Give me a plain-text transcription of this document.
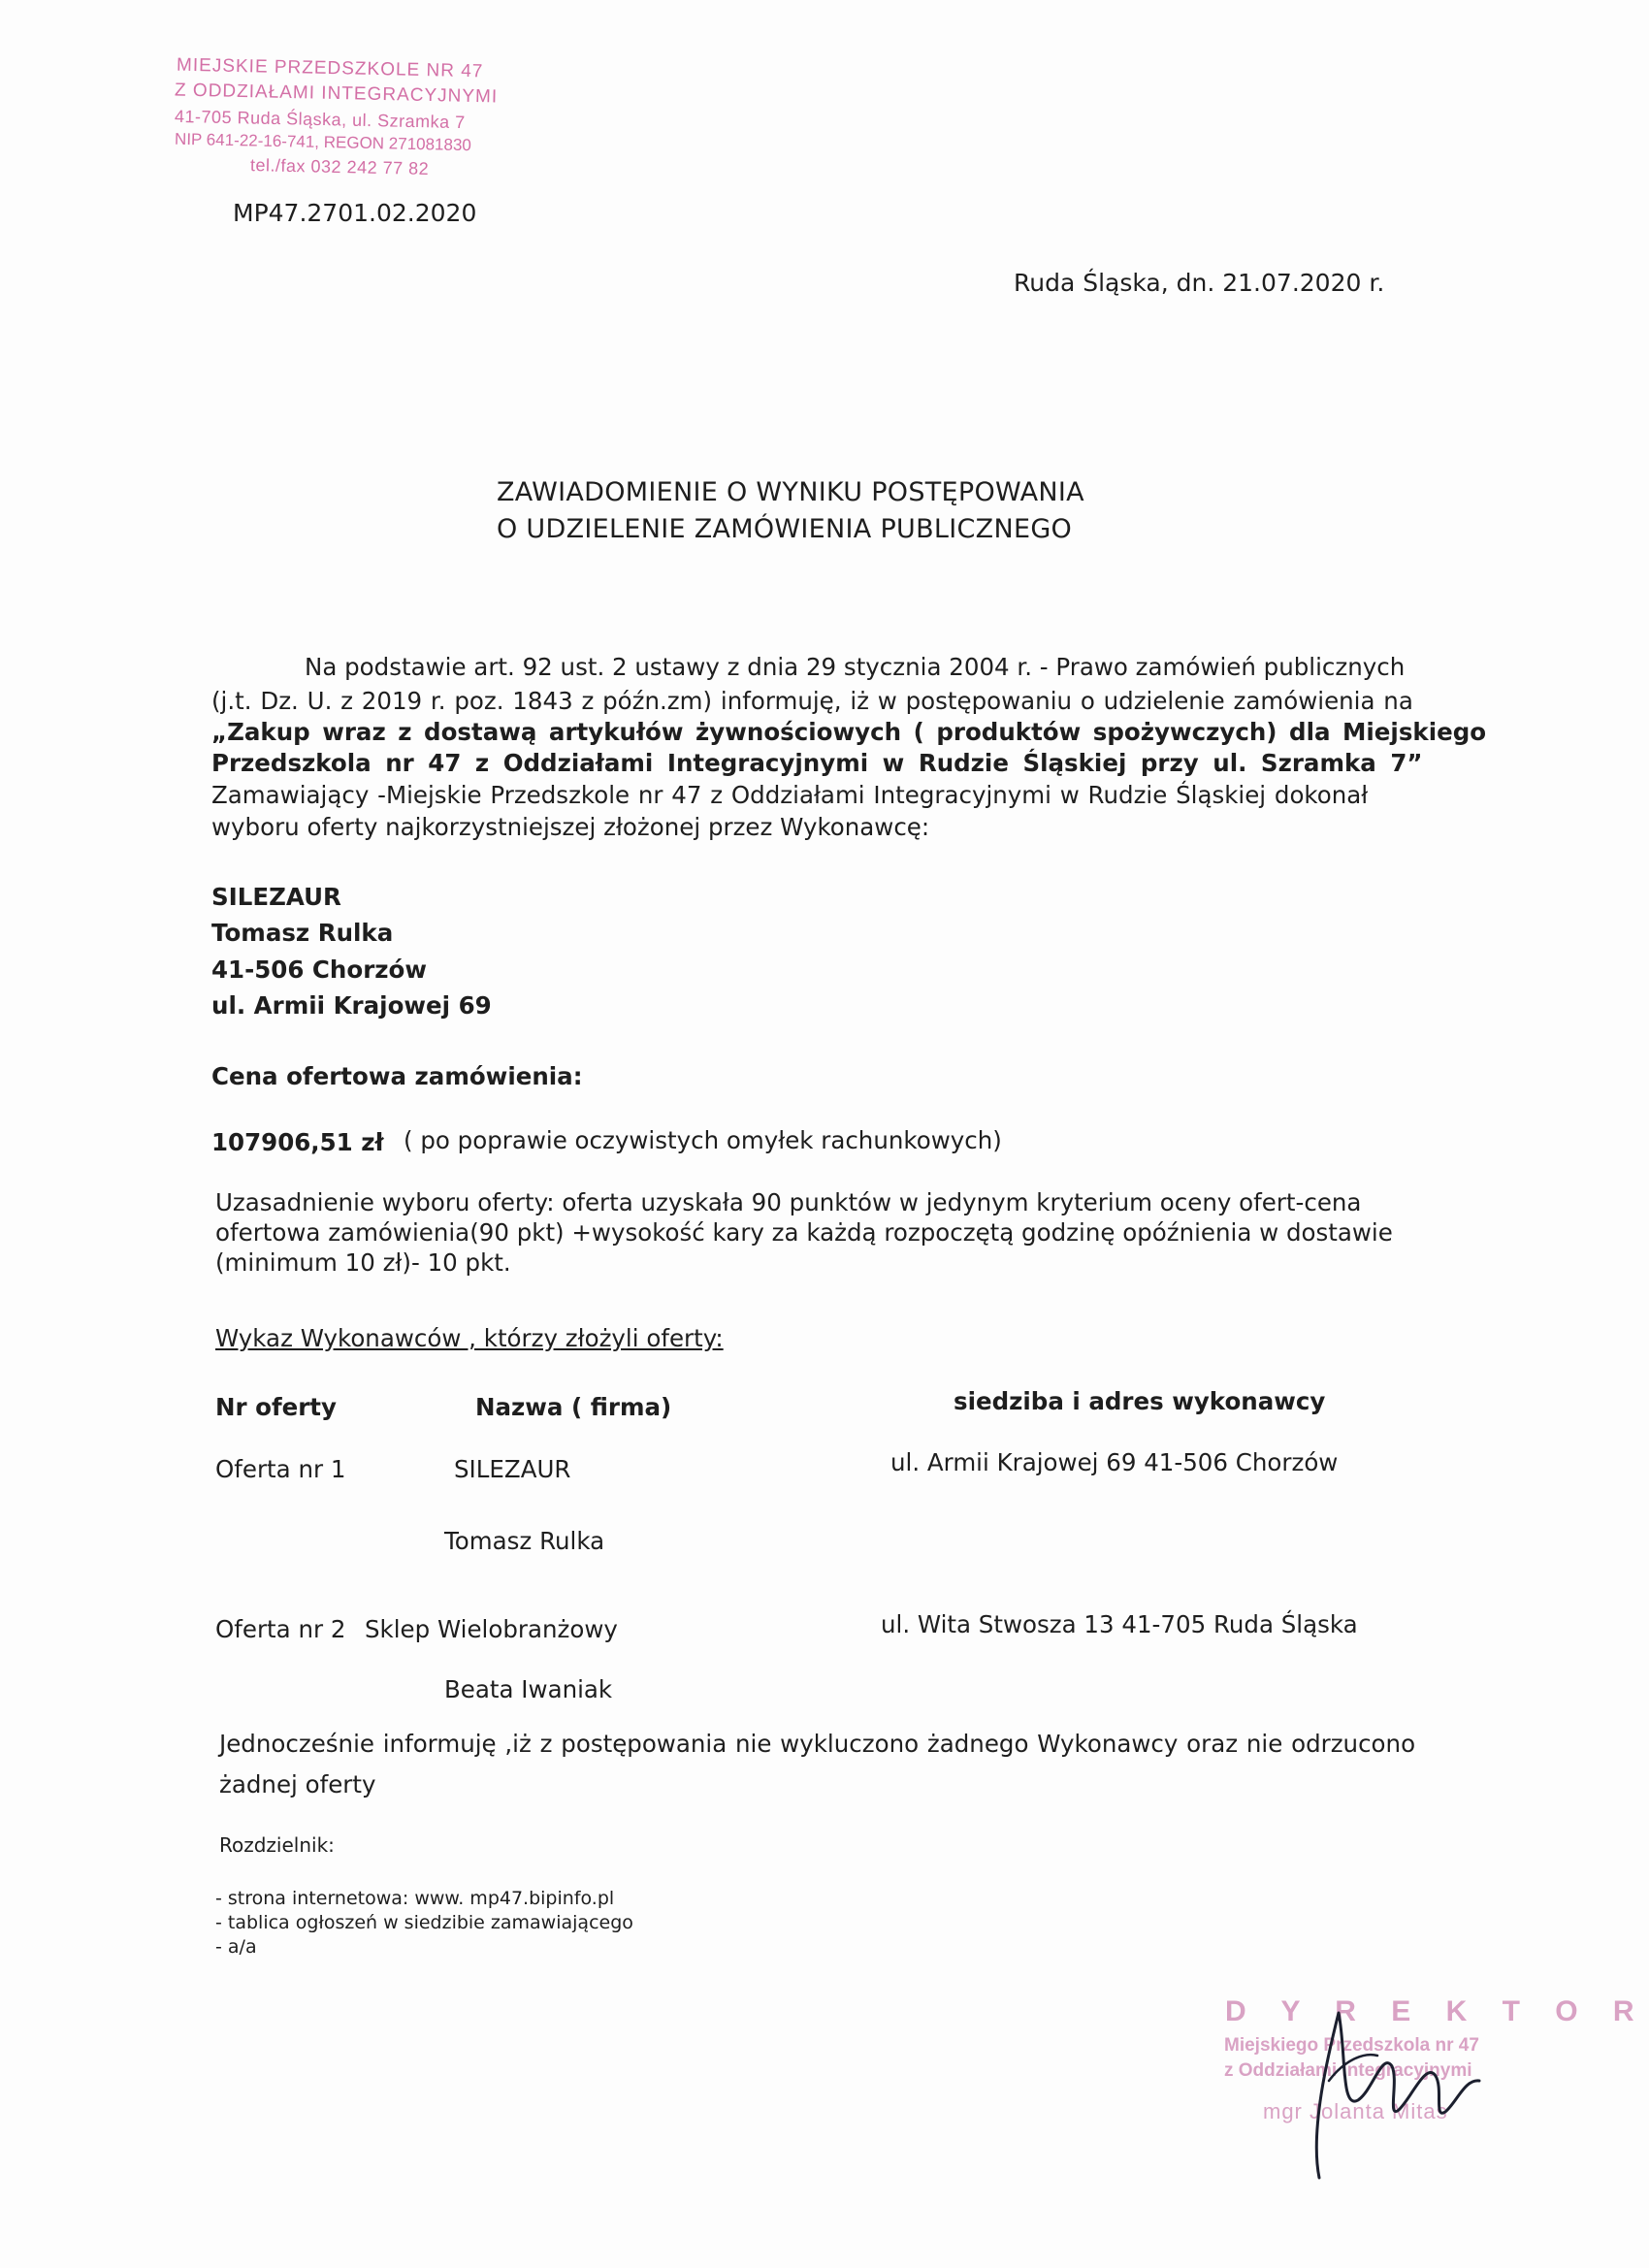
MIEJSKIE PRZEDSZKOLE NR 47
Z ODDZIAŁAMI INTEGRACYJNYMI
41-705 Ruda Śląska, ul. Szramka 7
NIP 641-22-16-741, REGON 271081830
tel./fax 032 242 77 82
MP47.2701.02.2020
Ruda Śląska, dn. 21.07.2020 r.
ZAWIADOMIENIE O WYNIKU POSTĘPOWANIA
O UDZIELENIE ZAMÓWIENIA PUBLICZNEGO
Na podstawie art. 92 ust. 2 ustawy z dnia 29 stycznia 2004 r. - Prawo zamówień publicznych
(j.t. Dz. U. z 2019 r. poz. 1843 z późn.zm) informuję, iż w postępowaniu o udzielenie zamówienia na
„Zakup wraz z dostawą artykułów żywnościowych ( produktów spożywczych) dla Miejskiego
Przedszkola nr 47 z Oddziałami Integracyjnymi w Rudzie Śląskiej przy ul. Szramka 7”
Zamawiający -Miejskie Przedszkole nr 47 z Oddziałami Integracyjnymi w Rudzie Śląskiej dokonał
wyboru oferty najkorzystniejszej złożonej przez Wykonawcę:
SILEZAUR
Tomasz Rulka
41-506 Chorzów
ul. Armii Krajowej 69
Cena ofertowa zamówienia:
107906,51 zł ( po poprawie oczywistych omyłek rachunkowych)
Uzasadnienie wyboru oferty: oferta uzyskała 90 punktów w jedynym kryterium oceny ofert-cena
ofertowa zamówienia(90 pkt) +wysokość kary za każdą rozpoczętą godzinę opóźnienia w dostawie
(minimum 10 zł)- 10 pkt.
Wykaz Wykonawców , którzy złożyli oferty:
Nr oferty	Nazwa ( firma)	siedziba i adres wykonawcy
Oferta nr 1	SILEZAUR	ul. Armii Krajowej 69 41-506 Chorzów
Tomasz Rulka
Oferta nr 2 Sklep Wielobranżowy	ul. Wita Stwosza 13 41-705 Ruda Śląska
Beata Iwaniak
Jednocześnie informuję ,iż z postępowania nie wykluczono żadnego Wykonawcy oraz nie odrzucono
żadnej oferty
Rozdzielnik:
- strona internetowa: www. mp47.bipinfo.pl
- tablica ogłoszeń w siedzibie zamawiającego
- a/a
D Y R E K T O R
Miejskiego Przedszkola nr 47
z Oddziałami Integracyjnymi
mgr Jolanta Mitas
